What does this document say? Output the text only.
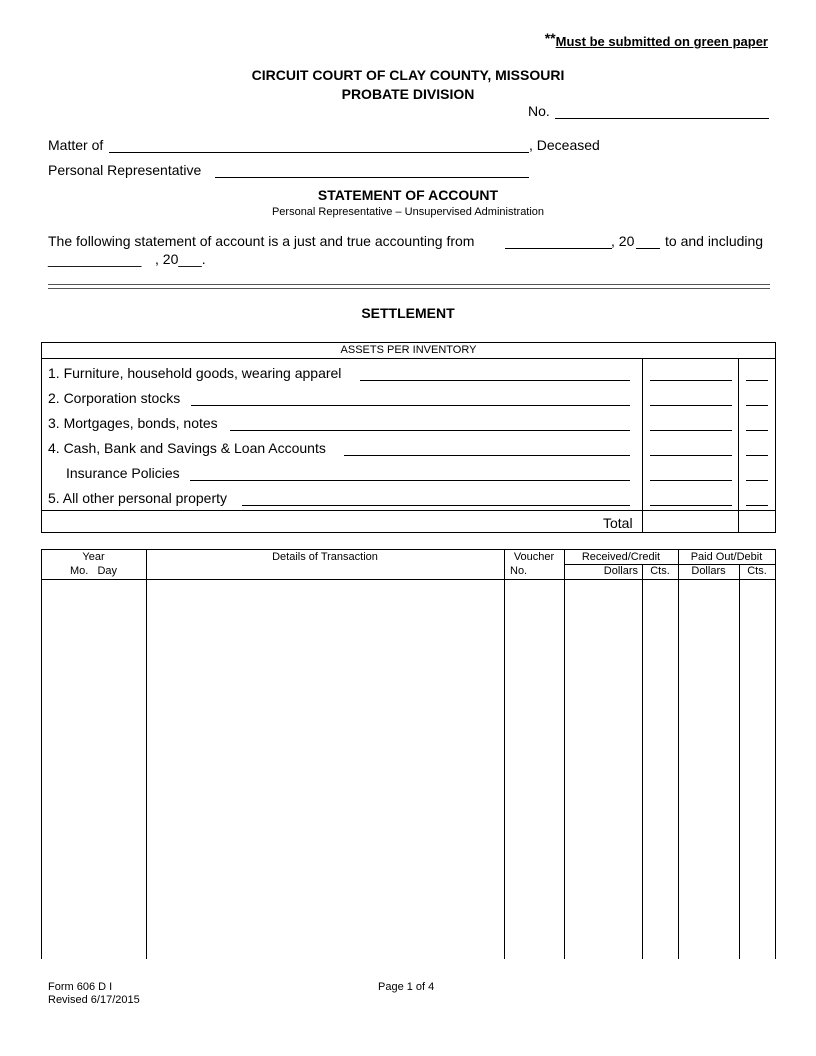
**Must be submitted on green paper
CIRCUIT COURT OF CLAY COUNTY, MISSOURI
PROBATE DIVISION
No.
Matter of	, Deceased
Personal Representative
STATEMENT OF ACCOUNT
Personal Representative – Unsupervised Administration
The following statement of account is a just and true accounting from	, 20 to and including
____________ , 20___.
SETTLEMENT
ASSETS PER INVENTORY
1. Furniture, household goods, wearing apparel
2. Corporation stocks
3. Mortgages, bonds, notes
4. Cash, Bank and Savings & Loan Accounts
Insurance Policies
5. All other personal property
Total
Year
Mo.   Day
Details of Transaction	Voucher
No.
Received/Credit	Paid Out/Debit
Dollars	Cts.	Dollars	Cts.
Form 606 D I
Revised 6/17/2015
Page 1 of 4
